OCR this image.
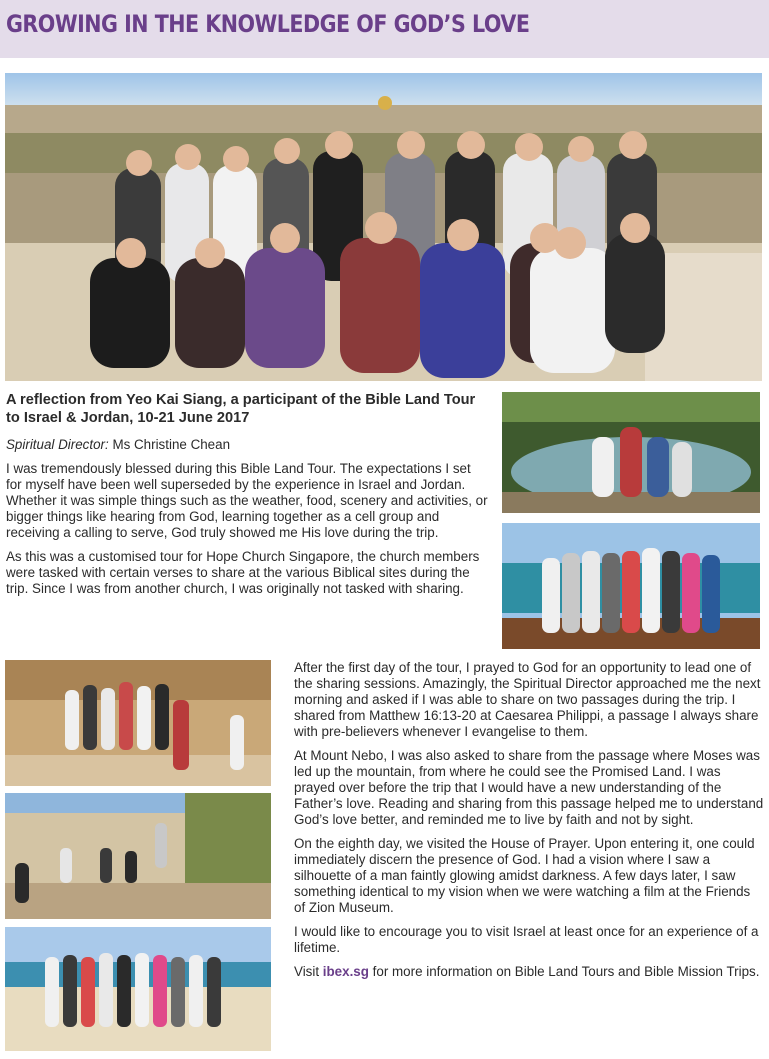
GROWING IN THE KNOWLEDGE OF GOD’S LOVE
A reflection from Yeo Kai Siang, a participant of the Bible Land Tour to Israel & Jordan, 10-21 June 2017
Spiritual Director: Ms Christine Chean

I was tremendously blessed during this Bible Land Tour. The expectations I set for myself have been well superseded by the experience in Israel and Jordan. Whether it was simple things such as the weather, food, scenery and activities, or bigger things like hearing from God, learning together as a cell group and receiving a calling to serve, God truly showed me His love during the trip.

As this was a customised tour for Hope Church Singapore, the church members were tasked with certain verses to share at the various Biblical sites during the trip. Since I was from another church, I was originally not tasked with sharing.

After the first day of the tour, I prayed to God for an opportunity to lead one of the sharing sessions. Amazingly, the Spiritual Director approached me the next morning and asked if I was able to share on two passages during the trip. I shared from Matthew 16:13-20 at Caesarea Philippi, a passage I always share with pre-believers whenever I evangelise to them.

At Mount Nebo, I was also asked to share from the passage where Moses was led up the mountain, from where he could see the Promised Land. I was prayed over before the trip that I would have a new understanding of the Father’s love. Reading and sharing from this passage helped me to understand God’s love better, and reminded me to live by faith and not by sight.

On the eighth day, we visited the House of Prayer. Upon entering it, one could immediately discern the presence of God. I had a vision where I saw a silhouette of a man faintly glowing amidst darkness. A few days later, I saw something identical to my vision when we were watching a film at the Friends of Zion Museum.

I would like to encourage you to visit Israel at least once for an experience of a lifetime.

Visit ibex.sg for more information on Bible Land Tours and Bible Mission Trips.
